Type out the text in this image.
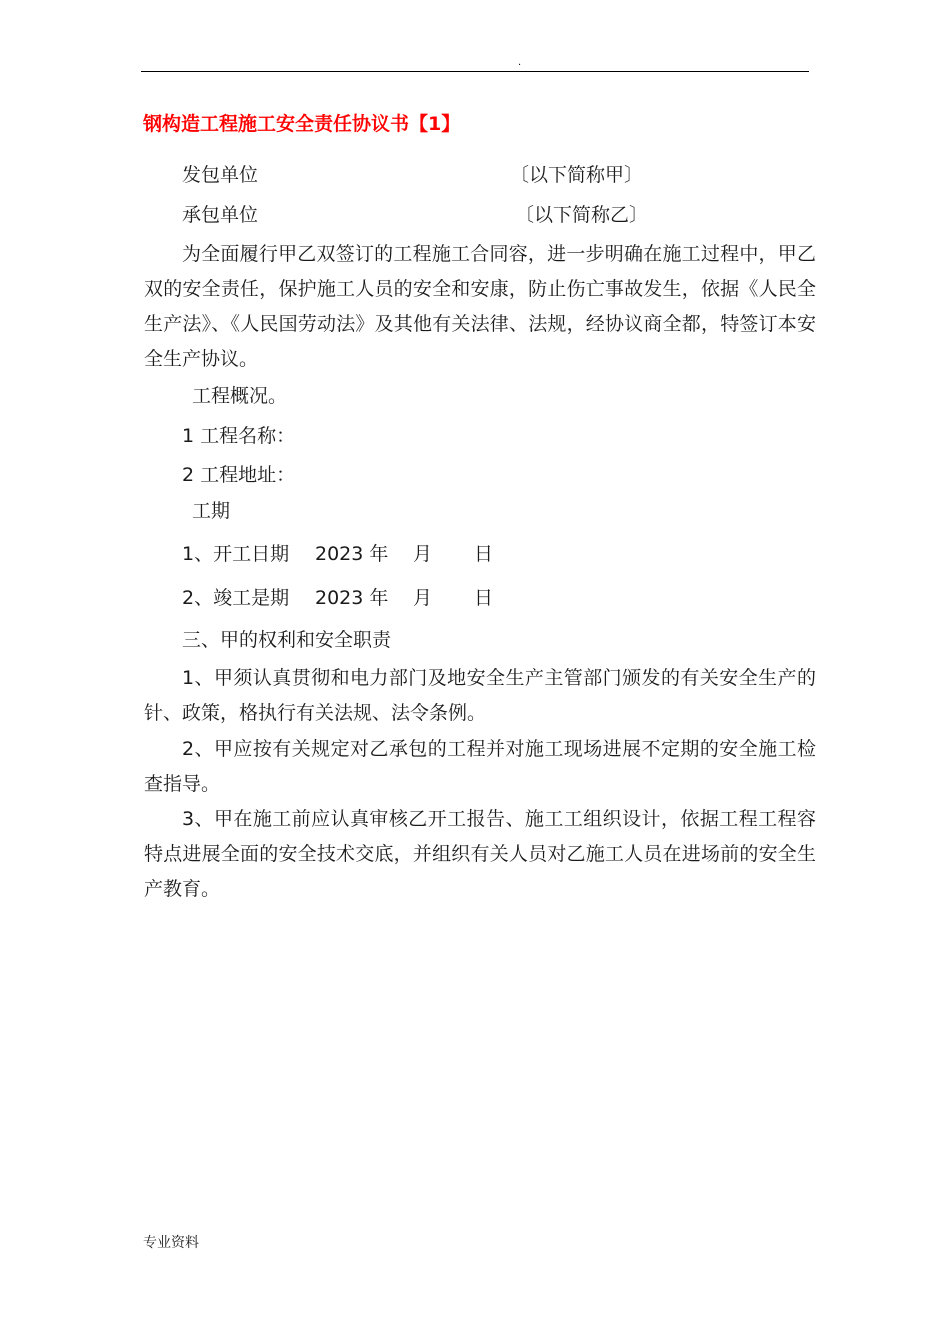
.
钢构造工程施工安全责任协议书【1】
发包单位	〔以下简称甲〕
承包单位	〔以下简称乙〕

为全面履行甲乙双签订的工程施工合同容，进一步明确在施工过程中，甲乙双的安全责任，保护施工人员的安全和安康，防止伤亡事故发生，依据《人民全生产法》、《人民国劳动法》及其他有关法律、法规，经协议商全都，特签订本安全生产协议。

工程概况。
1 工程名称：
2 工程地址：
工期
1、开工日期 2023 年 月 日
2、竣工是期 2023 年 月 日
三、甲的权利和安全职责

1、甲须认真贯彻和电力部门及地安全生产主管部门颁发的有关安全生产的针、政策，格执行有关法规、法令条例。

2、甲应按有关规定对乙承包的工程并对施工现场进展不定期的安全施工检查指导。

3、甲在施工前应认真审核乙开工报告、施工工组织设计，依据工程工程容特点进展全面的安全技术交底，并组织有关人员对乙施工人员在进场前的安全生产教育。

专业资料
